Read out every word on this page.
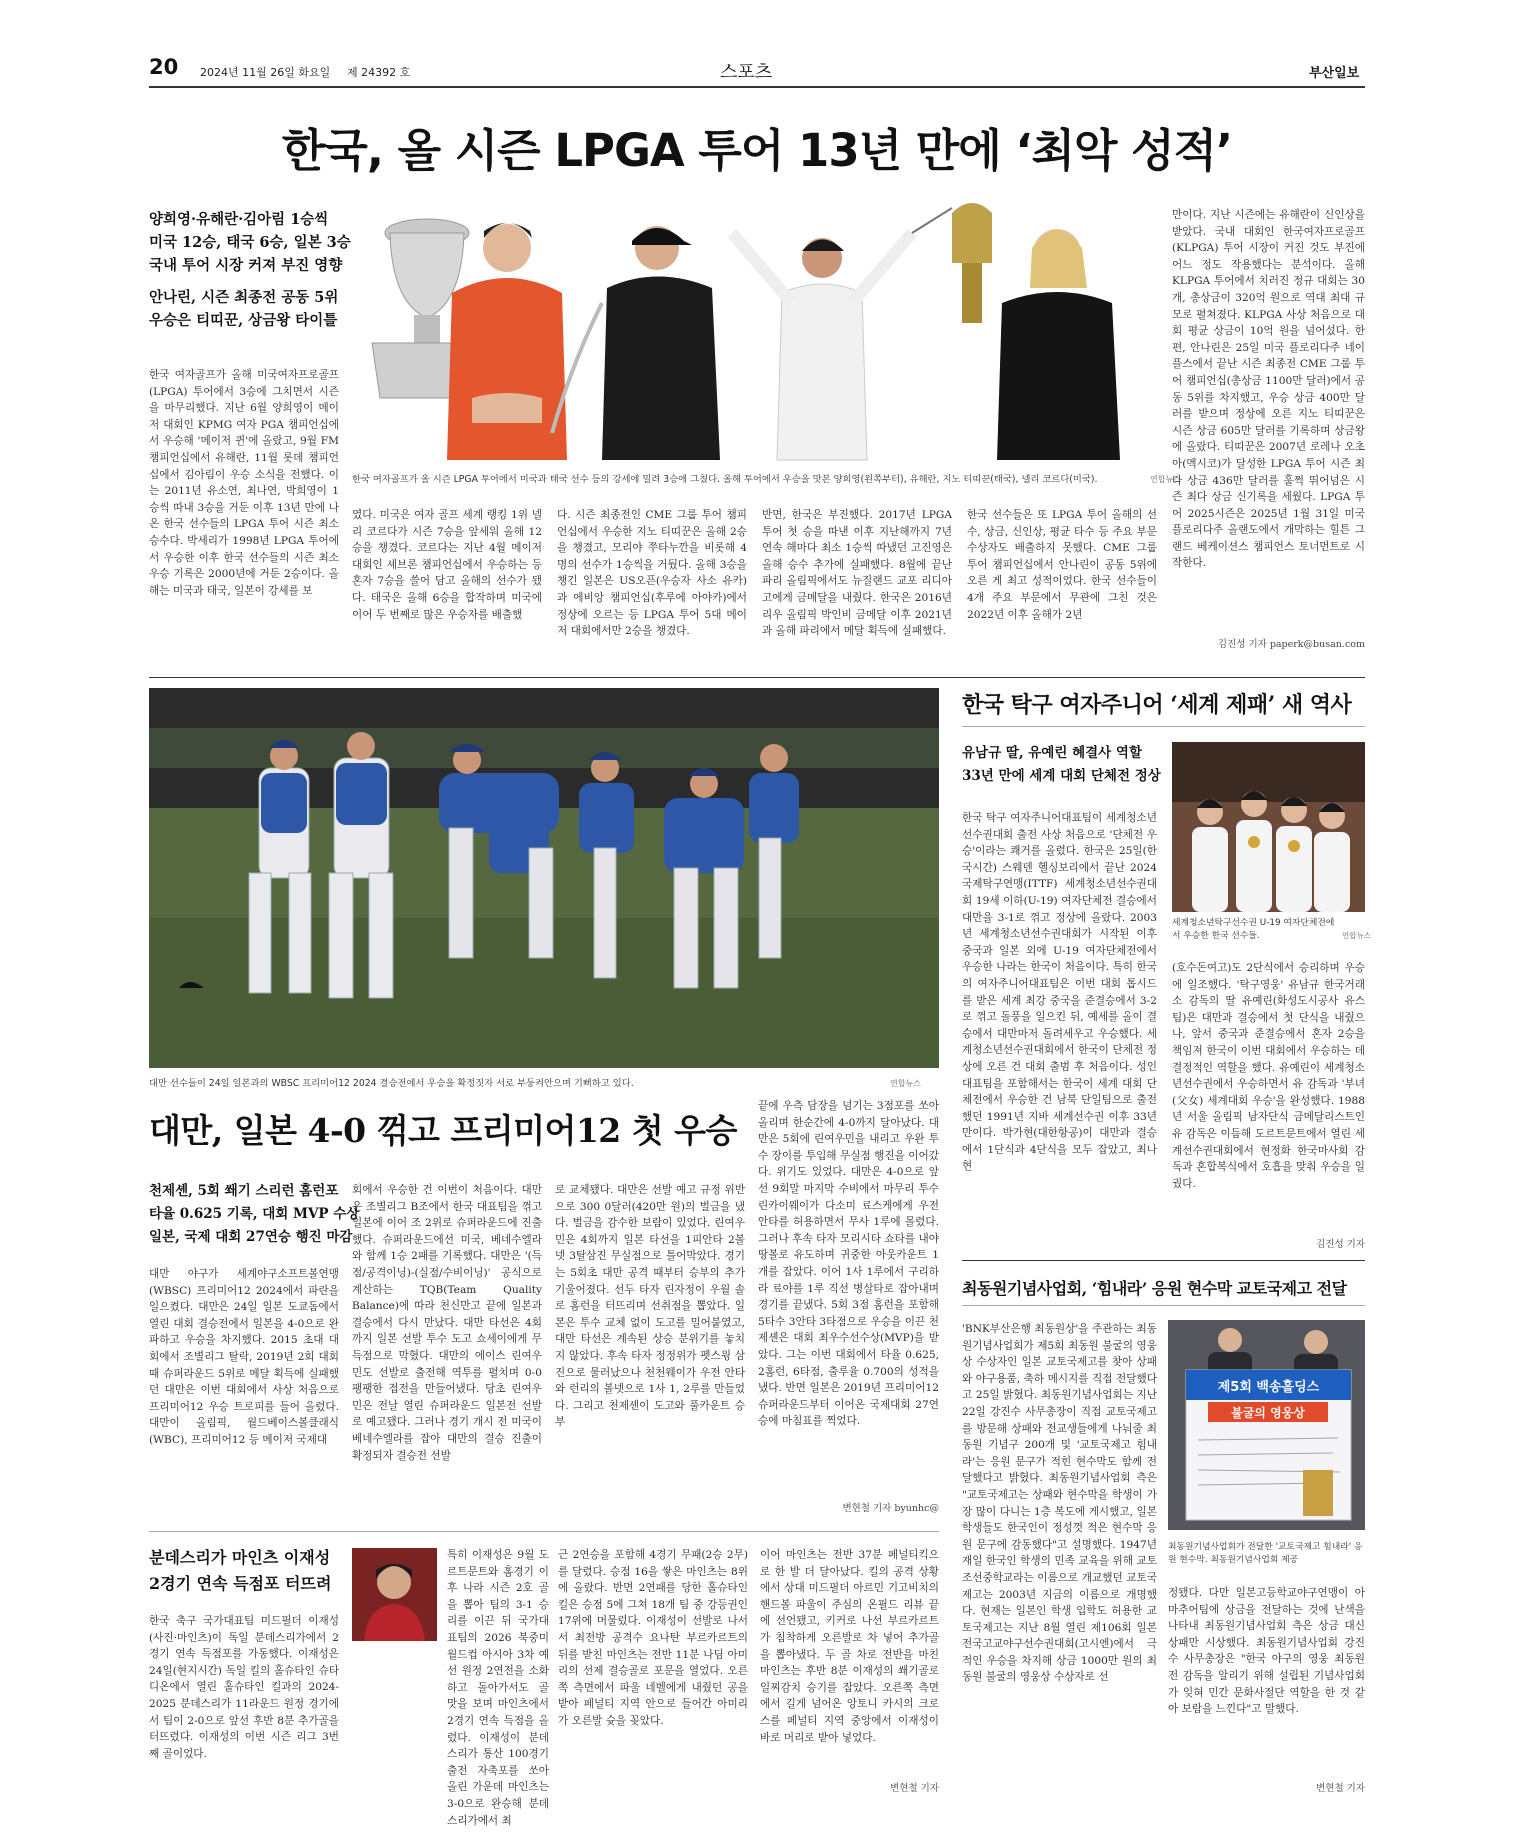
20 2024년 11월 26일 화요일 제 24392 호	스포츠	부산일보
한국, 올 시즌 LPGA 투어 13년 만에 ‘최악 성적’
양희영·유해란·김아림 1승씩
미국 12승, 태국 6승, 일본 3승
국내 투어 시장 커져 부진 영향
안나린, 시즌 최종전 공동 5위
우승은 티띠꾼, 상금왕 타이틀
한국 여자골프가 올 시즌 LPGA 투어에서 미국과 태국 선수 등의 강세에 밀려 3승에 그쳤다. 올해 투어에서 우승을 맛본 양희영(왼쪽부터), 유해란, 지노 티띠꾼(태국), 넬리 코르다(미국).	연합뉴스
한국 여자골프가 올해 미국여자프로골프(LPGA) 투어에서 3승에 그치면서 시즌을 마무리했다. 지난 6월 양희영이 메이저 대회인 KPMG 여자 PGA 챔피언십에서 우승해 '메이저 퀸'에 올랐고, 9월 FM 챔피언십에서 유해란, 11월 롯데 챔피언십에서 김아림이 우승 소식을 전했다. 이는 2011년 유소연, 최나연, 박희영이 1승씩 따내 3승을 거둔 이후 13년 만에 나온 한국 선수들의 LPGA 투어 시즌 최소 승수다. 박세리가 1998년 LPGA 투어에서 우승한 이후 한국 선수들의 시즌 최소 우승 기록은 2000년에 거둔 2승이다. 올해는 미국과 태국, 일본이 강세를 보
였다. 미국은 여자 골프 세계 랭킹 1위 넬리 코르다가 시즌 7승을 앞세워 올해 12승을 챙겼다. 코르다는 지난 4월 메이저 대회인 셰브론 챔피언십에서 우승하는 등 혼자 7승을 쓸어 담고 올해의 선수가 됐다. 태국은 올해 6승을 합작하며 미국에 이어 두 번째로 많은 우승자를 배출했
다. 시즌 최종전인 CME 그룹 투어 챔피언십에서 우승한 지노 티띠꾼은 올해 2승을 챙겼고, 모리야 쭈타누깐을 비롯해 4명의 선수가 1승씩을 거뒀다. 올해 3승을 챙긴 일본은 US오픈(우승자 사소 유카)과 에비앙 챔피언십(후루에 아야카)에서 정상에 오르는 등 LPGA 투어 5대 메이저 대회에서만 2승을 챙겼다.
반면, 한국은 부진했다. 2017년 LPGA 투어 첫 승을 따낸 이후 지난해까지 7년 연속 해마다 최소 1승씩 따냈던 고진영은 올해 승수 추가에 실패했다. 8월에 끝난 파리 올림픽에서도 뉴질랜드 교포 리디아 고에게 금메달을 내줬다. 한국은 2016년 리우 올림픽 박인비 금메달 이후 2021년과 올해 파리에서 메달 획득에 실패했다.
한국 선수들은 또 LPGA 투어 올해의 선수, 상금, 신인상, 평균 타수 등 주요 부문 수상자도 배출하지 못했다. CME 그룹 투어 챔피언십에서 안나린이 공동 5위에 오른 게 최고 성적이었다. 한국 선수들이 4개 주요 부문에서 무관에 그친 것은 2022년 이후 올해가 2년
만이다. 지난 시즌에는 유해란이 신인상을 받았다. 국내 대회인 한국여자프로골프(KLPGA) 투어 시장이 커진 것도 부진에 어느 정도 작용했다는 분석이다. 올해 KLPGA 투어에서 치러진 정규 대회는 30개, 총상금이 320억 원으로 역대 최대 규모로 펼쳐졌다. KLPGA 사상 처음으로 대회 평균 상금이 10억 원을 넘어섰다. 한편, 안나린은 25일 미국 플로리다주 네이플스에서 끝난 시즌 최종전 CME 그룹 투어 챔피언십(총상금 1100만 달러)에서 공동 5위를 차지했고, 우승 상금 400만 달러를 받으며 정상에 오른 지노 티띠꾼은 시즌 상금 605만 달러를 기록하며 상금왕에 올랐다. 티띠꾼은 2007년 로레나 오초아(멕시코)가 달성한 LPGA 투어 시즌 최다 상금 436만 달러를 훌쩍 뛰어넘은 시즌 최다 상금 신기록을 세웠다. LPGA 투어 2025시즌은 2025년 1월 31일 미국 플로리다주 올랜도에서 개막하는 힐튼 그랜드 베케이션스 챔피언스 토너먼트로 시작한다.
김진성 기자 paperk@busan.com
대만 선수들이 24일 일본과의 WBSC 프리미어12 2024 결승전에서 우승을 확정짓자 서로 부둥켜안으며 기뻐하고 있다.	연합뉴스
대만, 일본 4-0 꺾고 프리미어12 첫 우승
천제셴, 5회 쐐기 스리런 홈런포
타율 0.625 기록, 대회 MVP 수상
일본, 국제 대회 27연승 행진 마감
대만 야구가 세계야구소프트볼연맹(WBSC) 프리미어12 2024에서 파란을 일으켰다. 대만은 24일 일본 도쿄돔에서 열린 대회 결승전에서 일본을 4-0으로 완파하고 우승을 차지했다. 2015 초대 대회에서 조별리그 탈락, 2019년 2회 대회 때 슈퍼라운드 5위로 메달 획득에 실패했던 대만은 이번 대회에서 사상 처음으로 프리미어12 우승 트로피를 들어 올렸다. 대만이 올림픽, 월드베이스볼클래식(WBC), 프리미어12 등 메이저 국제대
회에서 우승한 건 이번이 처음이다. 대만은 조별리그 B조에서 한국 대표팀을 꺾고 일본에 이어 조 2위로 슈퍼라운드에 진출했다. 슈퍼라운드에선 미국, 베네수엘라와 함께 1승 2패를 기록했다. 대만은 '(득점/공격이닝)-(실점/수비이닝)' 공식으로 계산하는 TQB(Team Quality Balance)에 따라 천신만고 끝에 일본과 결승에서 다시 만났다. 대만 타선은 4회까지 일본 선발 투수 도고 쇼세이에게 무득점으로 막혔다. 대만의 에이스 린여우민도 선발로 출전해 역투를 펼치며 0-0 팽팽한 접전을 만들어냈다. 당초 린여우민은 전날 열린 슈퍼라운드 일본전 선발로 예고됐다. 그러나 경기 개시 전 미국이 베네수엘라를 잡아 대만의 결승 진출이 확정되자 결승전 선발
로 교체됐다. 대만은 선발 예고 규정 위반으로 300 0달러(420만 원)의 벌금을 냈다. 벌금을 감수한 보람이 있었다. 린여우민은 4회까지 일본 타선을 1피안타 2볼넷 3탈삼진 무실점으로 틀어막았다. 경기는 5회초 대만 공격 때부터 승부의 추가 기울어졌다. 선두 타자 린자정이 우월 솔로 홈런을 터뜨리며 선취점을 뽑았다. 일본은 투수 교체 없이 도고를 밀어붙였고, 대만 타선은 계속된 상승 분위기를 놓치지 않았다. 후속 타자 정정위가 펫스윙 삼진으로 물러났으나 천천웨이가 우전 안타와 런리의 볼넷으로 1사 1, 2루를 만들었다. 그리고 천제셴이 도고와 풀카운트 승부
끝에 우측 담장을 넘기는 3점포를 쏘아 올리며 한순간에 4-0까지 달아났다. 대만은 5회에 린여우민을 내리고 우완 투수 장이를 투입해 무실점 행진을 이어갔다. 위기도 있었다. 대만은 4-0으로 앞선 9회말 마지막 수비에서 마무리 투수 린카이웨이가 다소미 료스케에게 우전 안타를 허용하면서 무사 1루에 몰렸다. 그러나 후속 타자 모리시타 쇼타를 내야 땅볼로 유도하며 귀중한 아웃카운트 1개를 잡았다. 이어 1사 1루에서 구리하라 료야를 1루 직선 병살타로 잡아내며 경기를 끝냈다. 5회 3점 홈런을 포함해 5타수 3안타 3타점으로 우승을 이끈 천제셴은 대회 최우수선수상(MVP)을 받았다. 그는 이번 대회에서 타율 0.625, 2홈런, 6타점, 출루율 0.700의 성적을 냈다. 반면 일본은 2019년 프리미어12 슈퍼라운드부터 이어온 국제대회 27연승에 마침표를 찍었다.
변현철 기자 byunhc@
한국 탁구 여자주니어 ‘세계 제패’ 새 역사
유남규 딸, 유예린 혜결사 역할
33년 만에 세계 대회 단체전 정상
세계청소년탁구선수권 U-19 여자단체전에서 우승한 한국 선수들.	연합뉴스
한국 탁구 여자주니어대표팀이 세계청소년선수권대회 출전 사상 처음으로 '단체전 우승'이라는 쾌거를 올렸다. 한국은 25일(한국시간) 스웨덴 헬싱보리에서 끝난 2024 국제탁구연맹(ITTF) 세계청소년선수권대회 19세 이하(U-19) 여자단체전 결승에서 대만을 3-1로 꺾고 정상에 올랐다. 2003년 세계청소년선수권대회가 시작된 이후 중국과 일본 외에 U-19 여자단체전에서 우승한 나라는 한국이 처음이다. 특히 한국의 여자주니어대표팀은 이번 대회 톱시드를 받은 세계 최강 중국을 준결승에서 3-2로 꺾고 돌풍을 일으킨 뒤, 예세를 올이 결승에서 대만마저 돌려세우고 우승했다. 세계청소년선수권대회에서 한국이 단체전 정상에 오른 건 대회 출범 후 처음이다. 성인 대표팀을 포함해서는 한국이 세계 대회 단체전에서 우승한 건 남북 단일팀으로 출전했던 1991년 지바 세계선수권 이후 33년 만이다. 박가현(대한항공)이 대만과 결승에서 1단식과 4단식을 모두 잡았고, 최나현
(호수돈여고)도 2단식에서 승리하며 우승에 일조했다. '탁구영웅' 유남규 한국거래소 감독의 딸 유예린(화성도시공사 유스팀)은 대만과 결승에서 첫 단식을 내줬으나, 앞서 중국과 준결승에서 혼자 2승을 책임져 한국이 이번 대회에서 우승하는 데 결정적인 역할을 했다. 유예린이 세계청소년선수권에서 우승하면서 유 감독과 '부녀(父女) 세계대회 우승'을 완성했다. 1988년 서울 올림픽 남자단식 금메달리스트인 유 감독은 이듬해 도르트문트에서 열린 세계선수권대회에서 현정화 한국마사회 감독과 혼합복식에서 호흡을 맞춰 우승을 일궜다.
김진성 기자
최동원기념사업회, ‘힘내라’ 응원 현수막 교토국제고 전달
제5회 백송홀딩스
불굴의 영웅상
최동원기념사업회가 전달한 '교토국제고 힘내라' 응원 현수막. 최동원기념사업회 제공
'BNK부산은행 최동원상'을 주관하는 최동원기념사업회가 제5회 최동원 불굴의 영웅상 수상자인 일본 교토국제고를 찾아 상패와 야구용품, 축하 메시지를 직접 전달했다고 25일 밝혔다. 최동원기념사업회는 지난 22일 강진수 사무총장이 직접 교토국제고를 방문해 상패와 전교생들에게 나눠줄 최동원 기념구 200개 및 '교토국제고 힘내라'는 응원 문구가 적힌 현수막도 함께 전달했다고 밝혔다. 최동원기념사업회 측은 "교토국제고는 상패와 현수막을 학생이 가장 많이 다니는 1층 복도에 게시했고, 일본 학생들도 한국인이 정성껏 적은 현수막 응원 문구에 감동했다"고 설명했다. 1947년 재일 한국인 학생의 민족 교육을 위해 교토조선중학교라는 이름으로 개교했던 교토국제고는 2003년 지금의 이름으로 개명했다. 현재는 일본인 학생 입학도 허용한 교토국제고는 지난 8월 열린 제106회 일본 전국고교야구선수권대회(고시엔)에서 극적인 우승을 차지해 상금 1000만 원의 최동원 불굴의 영웅상 수상자로 선
정됐다. 다만 일본고등학교야구연맹이 아마추어팀에 상금을 전달하는 것에 난색을 나타내 최동원기념사업회 측은 상금 대신 상패만 시상했다. 최동원기념사업회 강진수 사무총장은 "한국 야구의 영웅 최동원 전 감독을 알리기 위해 설립된 기념사업회가 잊혀 민간 문화사절단 역할을 한 것 같아 보람을 느낀다"고 말했다.
변현철 기자
분데스리가 마인츠 이재성
2경기 연속 득점포 터뜨려
한국 축구 국가대표팀 미드필더 이재성(사진·마인츠)이 독일 분데스리가에서 2경기 연속 득점포를 가동했다. 이재성은 24일(현지시간) 독일 킬의 홀슈타인 슈타디온에서 열린 홀슈타인 킬과의 2024-2025 분데스리가 11라운드 원정 경기에서 팀이 2-0으로 앞선 후반 8분 추가골을 터뜨렸다. 이재성의 이번 시즌 리그 3번째 골이었다.
특히 이재성은 9월 도르트문트와 홈경기 이후 나라 시즌 2호 골을 뽑아 팀의 3-1 승리를 이끈 뒤 국가대표팀의 2026 북중미 월드컵 아시아 3차 예선 원정 2연전을 소화하고 돌아가서도 골 맛을 보며 마인츠에서 2경기 연속 득점을 올렸다. 이재성이 분데스리가 통산 100경기 출전 자축포를 쏘아 올린 가운데 마인츠는 3-0으로 완승해 분데스리가에서 최
근 2연승을 포함해 4경기 무패(2승 2무)를 달렸다. 승점 16을 쌓은 마인츠는 8위에 올랐다. 반면 2연패를 당한 홀슈타인 킬은 승점 5에 그쳐 18개 팀 중 강등권인 17위에 머물렀다. 이재성이 선발로 나서서 최전방 공격수 요나탄 부르카르트의 뒤를 받친 마인츠는 전반 11분 나딤 아미리의 선제 결승골로 포문을 열었다. 오른쪽 측면에서 파울 네벨에게 내줬던 공을 받아 페널티 지역 안으로 들어간 아미리가 오른발 슛을 꽂았다.
이어 마인츠는 전반 37분 페널티킥으로 한 발 더 달아났다. 킬의 공격 상황에서 상대 미드필더 아르민 기고비치의 핸드볼 파울이 주심의 온필드 리뷰 끝에 선언됐고, 키커로 나선 부르카르트가 침착하게 오른발로 차 넣어 추가골을 뽑아냈다. 두 골 차로 전반을 마친 마인츠는 후반 8분 이재성의 쐐기골로 일찌감치 승기를 잡았다. 오른쪽 측면에서 길게 넘어온 앙토니 카시의 크로스를 페널티 지역 중앙에서 이재성이 바로 머리로 받아 넣었다.
변현철 기자
